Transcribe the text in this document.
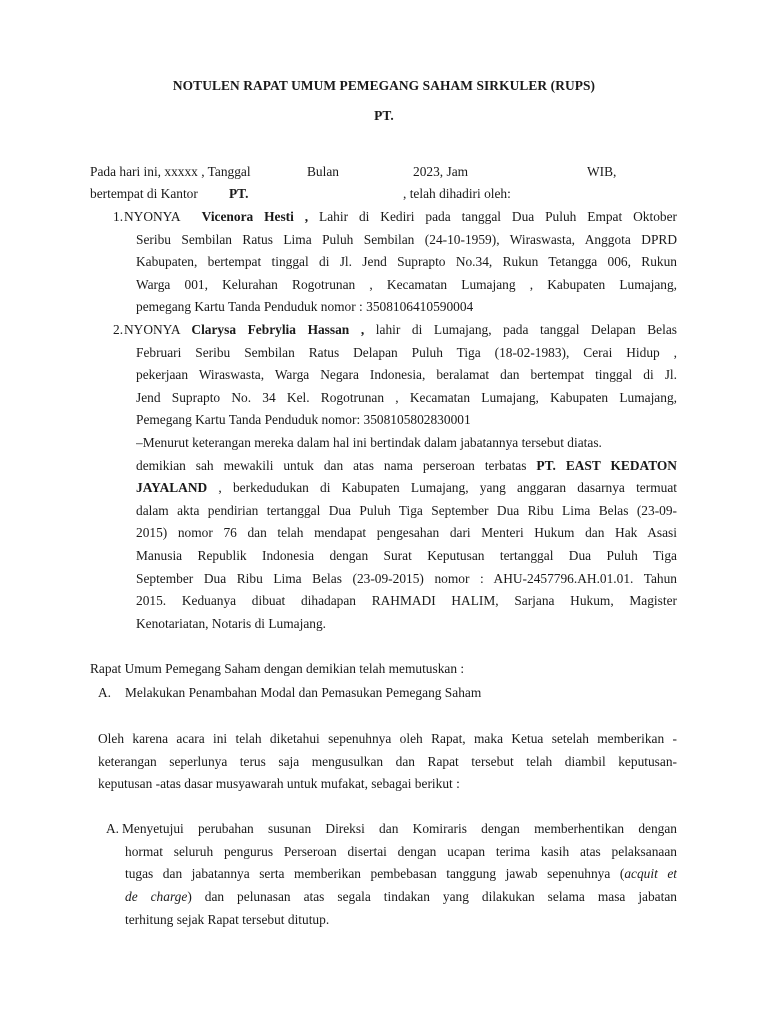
NOTULEN RAPAT UMUM PEMEGANG SAHAM SIRKULER (RUPS)
PT.
Pada hari ini, xxxxx , Tanggal	Bulan	2023, Jam	WIB,
bertempat di Kantor PT.	, telah dihadiri oleh:
1. NYONYA Vicenora Hesti , Lahir di Kediri pada tanggal Dua Puluh Empat Oktober
Seribu Sembilan Ratus Lima Puluh Sembilan (24-10-1959), Wiraswasta, Anggota DPRD
Kabupaten, bertempat tinggal di Jl. Jend Suprapto No.34, Rukun Tetangga 006, Rukun
Warga 001, Kelurahan Rogotrunan , Kecamatan Lumajang , Kabupaten Lumajang,
pemegang Kartu Tanda Penduduk nomor : 3508106410590004
2. NYONYA Clarysa Febrylia Hassan , lahir di Lumajang, pada tanggal Delapan Belas
Februari Seribu Sembilan Ratus Delapan Puluh Tiga (18-02-1983), Cerai Hidup ,
pekerjaan Wiraswasta, Warga Negara Indonesia, beralamat dan bertempat tinggal di Jl.
Jend Suprapto No. 34 Kel. Rogotrunan , Kecamatan Lumajang, Kabupaten Lumajang,
Pemegang Kartu Tanda Penduduk nomor: 3508105802830001
–Menurut keterangan mereka dalam hal ini bertindak dalam jabatannya tersebut diatas.
demikian sah mewakili untuk dan atas nama perseroan terbatas PT. EAST KEDATON
JAYALAND , berkedudukan di Kabupaten Lumajang, yang anggaran dasarnya termuat
dalam akta pendirian tertanggal Dua Puluh Tiga September Dua Ribu Lima Belas (23-09-
2015) nomor 76 dan telah mendapat pengesahan dari Menteri Hukum dan Hak Asasi
Manusia Republik Indonesia dengan Surat Keputusan tertanggal Dua Puluh Tiga
September Dua Ribu Lima Belas (23-09-2015) nomor : AHU-2457796.AH.01.01. Tahun
2015. Keduanya dibuat dihadapan RAHMADI HALIM, Sarjana Hukum, Magister
Kenotariatan, Notaris di Lumajang.
Rapat Umum Pemegang Saham dengan demikian telah memutuskan :
A. Melakukan Penambahan Modal dan Pemasukan Pemegang Saham
Oleh karena acara ini telah diketahui sepenuhnya oleh Rapat, maka Ketua setelah memberikan -
keterangan seperlunya terus saja mengusulkan dan Rapat tersebut telah diambil keputusan-
keputusan -atas dasar musyawarah untuk mufakat, sebagai berikut :
A. Menyetujui perubahan susunan Direksi dan Komiraris dengan memberhentikan dengan
hormat seluruh pengurus Perseroan disertai dengan ucapan terima kasih atas pelaksanaan
tugas dan jabatannya serta memberikan pembebasan tanggung jawab sepenuhnya (acquit et
de charge) dan pelunasan atas segala tindakan yang dilakukan selama masa jabatan
terhitung sejak Rapat tersebut ditutup.
